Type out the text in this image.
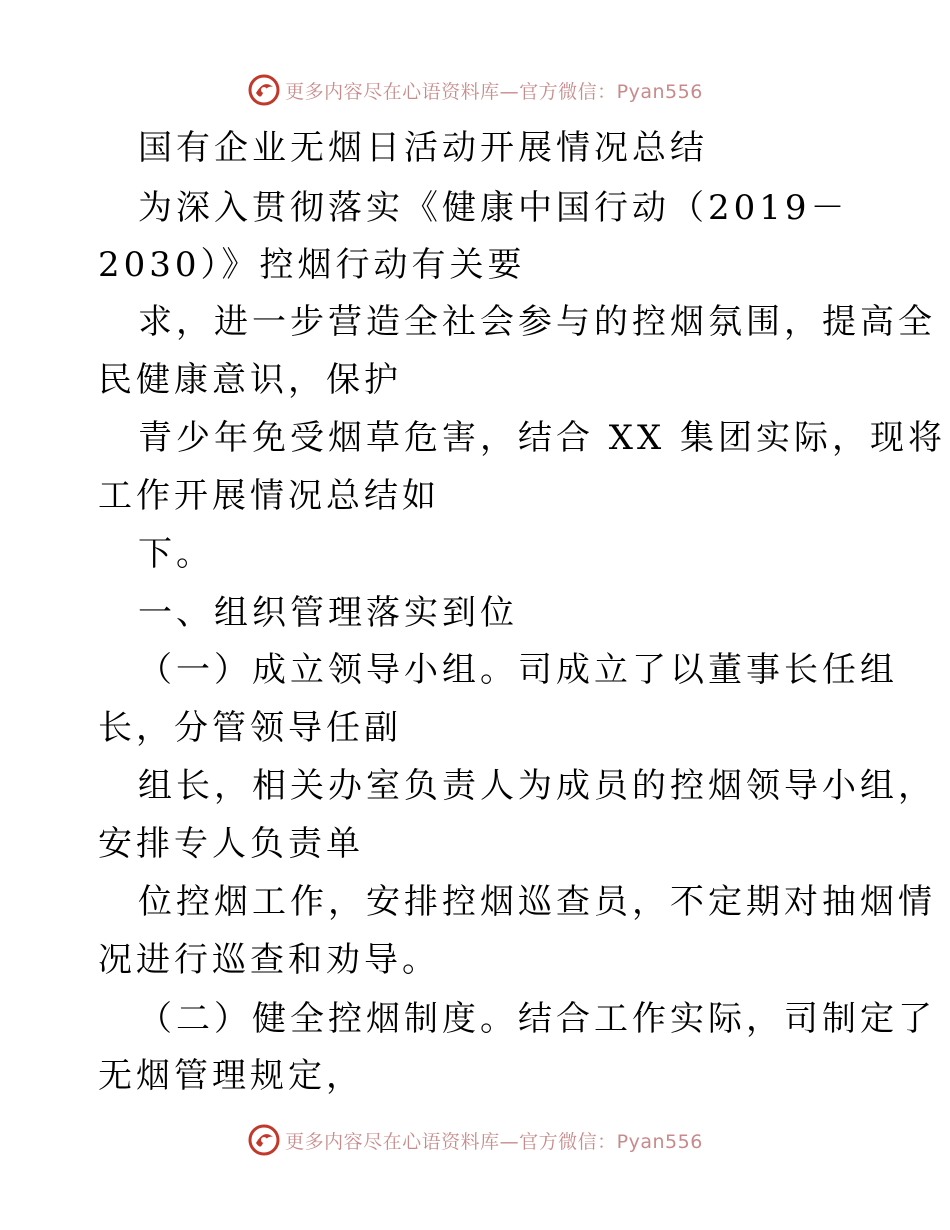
更多内容尽在心语资料库—官方微信：Pyan556
国有企业无烟日活动开展情况总结
为深入贯彻落实《健康中国行动（2019－
2030）》控烟行动有关要
求，进一步营造全社会参与的控烟氛围，提高全
民健康意识，保护
青少年免受烟草危害，结合 XX 集团实际，现将
工作开展情况总结如
下。
一、组织管理落实到位
（一）成立领导小组。司成立了以董事长任组
长，分管领导任副
组长，相关办室负责人为成员的控烟领导小组，
安排专人负责单
位控烟工作，安排控烟巡查员，不定期对抽烟情
况进行巡查和劝导。
（二）健全控烟制度。结合工作实际，司制定了
无烟管理规定，
更多内容尽在心语资料库—官方微信：Pyan556
